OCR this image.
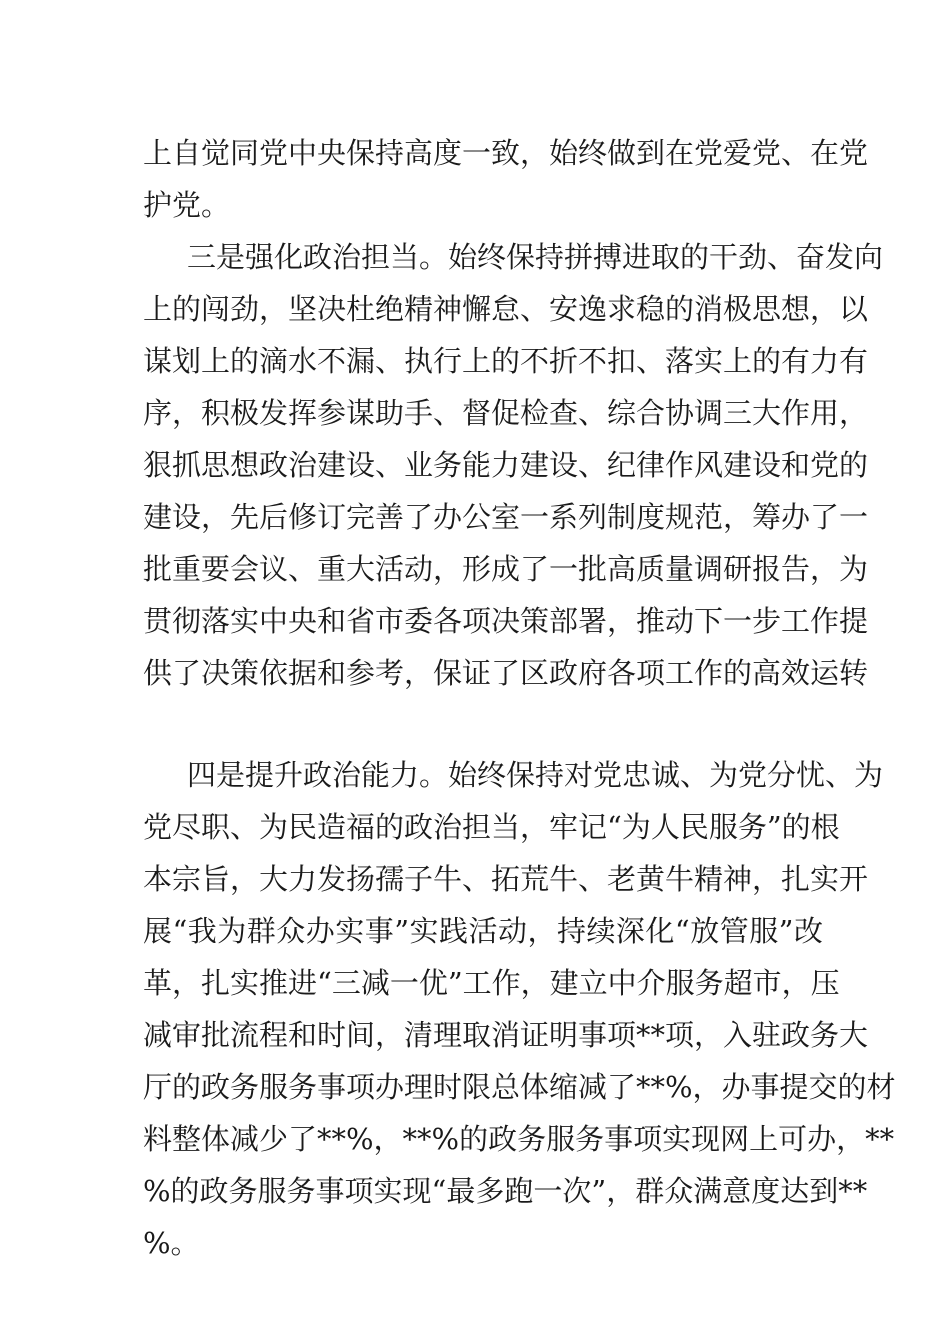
上自觉同党中央保持高度一致，始终做到在党爱党、在党
护党。
三是强化政治担当。始终保持拼搏进取的干劲、奋发向
上的闯劲，坚决杜绝精神懈怠、安逸求稳的消极思想，以
谋划上的滴水不漏、执行上的不折不扣、落实上的有力有
序，积极发挥参谋助手、督促检查、综合协调三大作用，
狠抓思想政治建设、业务能力建设、纪律作风建设和党的
建设，先后修订完善了办公室一系列制度规范，筹办了一
批重要会议、重大活动，形成了一批高质量调研报告，为
贯彻落实中央和省市委各项决策部署，推动下一步工作提
供了决策依据和参考，保证了区政府各项工作的高效运转
四是提升政治能力。始终保持对党忠诚、为党分忧、为
党尽职、为民造福的政治担当，牢记“为人民服务”的根
本宗旨，大力发扬孺子牛、拓荒牛、老黄牛精神，扎实开
展“我为群众办实事”实践活动，持续深化“放管服”改
革，扎实推进“三减一优”工作，建立中介服务超市，压
减审批流程和时间，清理取消证明事项**项，入驻政务大
厅的政务服务事项办理时限总体缩减了**%，办事提交的材
料整体减少了**%，**%的政务服务事项实现网上可办，**
%的政务服务事项实现“最多跑一次”，群众满意度达到**
%。
